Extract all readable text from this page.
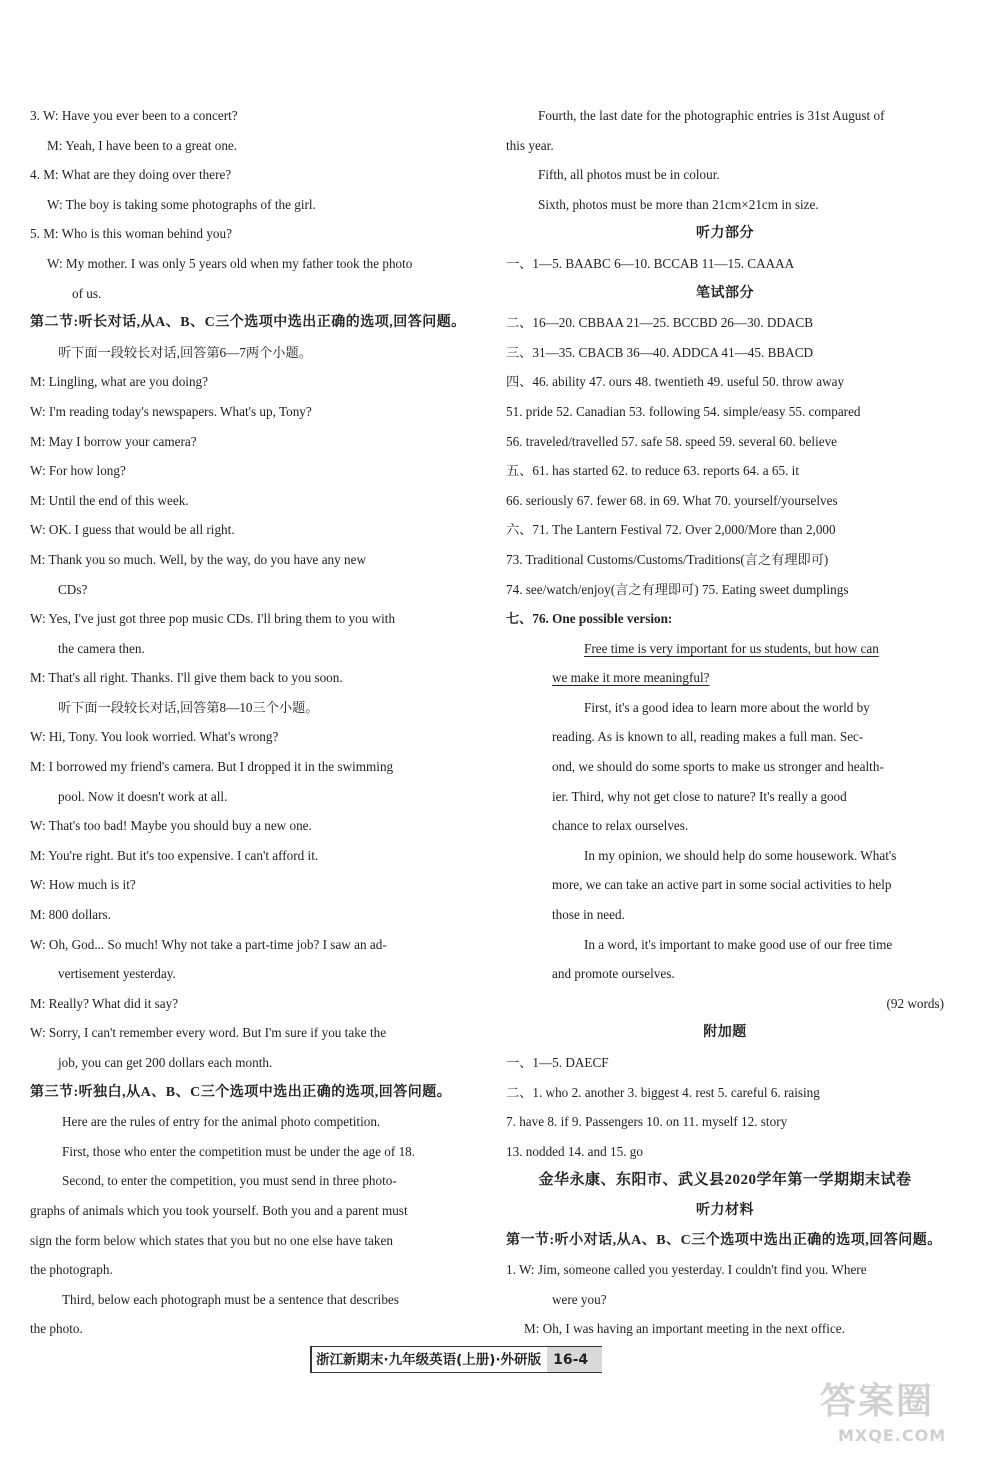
3. W: Have you ever been to a concert?
M: Yeah, I have been to a great one.
4. M: What are they doing over there?
W: The boy is taking some photographs of the girl.
5. M: Who is this woman behind you?
W: My mother. I was only 5 years old when my father took the photo
of us.
第二节:听长对话,从A、B、C三个选项中选出正确的选项,回答问题。
听下面一段较长对话,回答第6—7两个小题。
M: Lingling, what are you doing?
W: I'm reading today's newspapers. What's up, Tony?
M: May I borrow your camera?
W: For how long?
M: Until the end of this week.
W: OK. I guess that would be all right.
M: Thank you so much. Well, by the way, do you have any new
CDs?
W: Yes, I've just got three pop music CDs. I'll bring them to you with
the camera then.
M: That's all right. Thanks. I'll give them back to you soon.
听下面一段较长对话,回答第8—10三个小题。
W: Hi, Tony. You look worried. What's wrong?
M: I borrowed my friend's camera. But I dropped it in the swimming
pool. Now it doesn't work at all.
W: That's too bad! Maybe you should buy a new one.
M: You're right. But it's too expensive. I can't afford it.
W: How much is it?
M: 800 dollars.
W: Oh, God... So much! Why not take a part-time job? I saw an ad-
vertisement yesterday.
M: Really? What did it say?
W: Sorry, I can't remember every word. But I'm sure if you take the
job, you can get 200 dollars each month.
第三节:听独白,从A、B、C三个选项中选出正确的选项,回答问题。
Here are the rules of entry for the animal photo competition.
First, those who enter the competition must be under the age of 18.
Second, to enter the competition, you must send in three photo-
graphs of animals which you took yourself. Both you and a parent must
sign the form below which states that you but no one else have taken
the photograph.
Third, below each photograph must be a sentence that describes
the photo.
Fourth, the last date for the photographic entries is 31st August of
this year.
Fifth, all photos must be in colour.
Sixth, photos must be more than 21cm×21cm in size.
听力部分
一、1—5. BAABC 6—10. BCCAB 11—15. CAAAA
笔试部分
二、16—20. CBBAA 21—25. BCCBD 26—30. DDACB
三、31—35. CBACB 36—40. ADDCA 41—45. BBACD
四、46. ability 47. ours 48. twentieth 49. useful 50. throw away
51. pride 52. Canadian 53. following 54. simple/easy 55. compared
56. traveled/travelled 57. safe 58. speed 59. several 60. believe
五、61. has started 62. to reduce 63. reports 64. a 65. it
66. seriously 67. fewer 68. in 69. What 70. yourself/yourselves
六、71. The Lantern Festival 72. Over 2,000/More than 2,000
73. Traditional Customs/Customs/Traditions(言之有理即可)
74. see/watch/enjoy(言之有理即可) 75. Eating sweet dumplings
七、76. One possible version:
Free time is very important for us students, but how can
we make it more meaningful?
First, it's a good idea to learn more about the world by
reading. As is known to all, reading makes a full man. Sec-
ond, we should do some sports to make us stronger and health-
ier. Third, why not get close to nature? It's really a good
chance to relax ourselves.
In my opinion, we should help do some housework. What's
more, we can take an active part in some social activities to help
those in need.
In a word, it's important to make good use of our free time
and promote ourselves.
(92 words)
附加题
一、1—5. DAECF
二、1. who 2. another 3. biggest 4. rest 5. careful 6. raising
7. have 8. if 9. Passengers 10. on 11. myself 12. story
13. nodded 14. and 15. go
金华永康、东阳市、武义县2020学年第一学期期末试卷
听力材料
第一节:听小对话,从A、B、C三个选项中选出正确的选项,回答问题。
1. W: Jim, someone called you yesterday. I couldn't find you. Where
were you?
M: Oh, I was having an important meeting in the next office.
浙江新期末·九年级英语(上册)·外研版 16-4
答案圈
MXQE.COM
